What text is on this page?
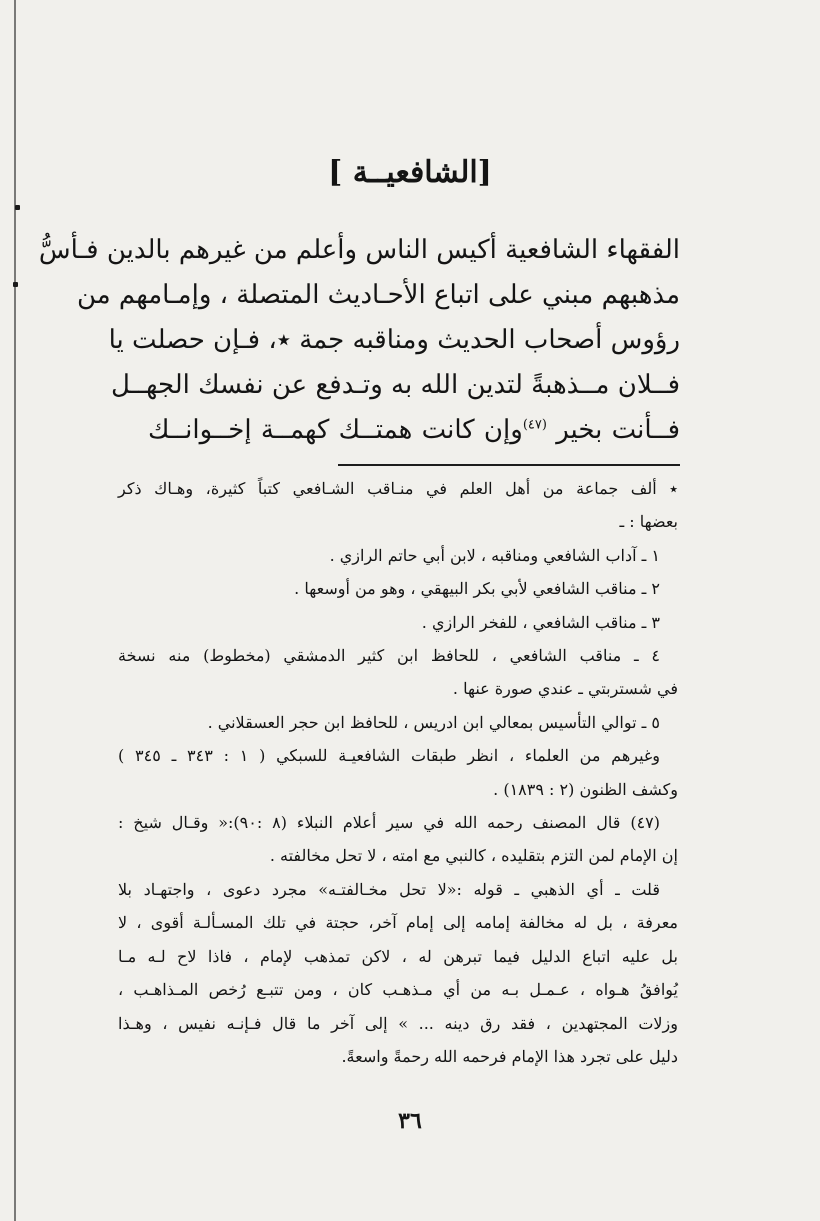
[الشافعيــة ]

الفقهاء الشافعية أكيس الناس وأعلم من غيرهم بالدين فـأسُّ

مذهبهم مبني على اتباع الأحـاديث المتصلة ، وإمـامهم من

رؤوس أصحاب الحديث ومناقبه جمة ٭، فـإن حصلت يا

فــلان مــذهبةً لتدين الله به وتـدفع عن نفسك الجهــل

فــأنت بخير $^{(٤٧)}$وإن كانت همتــك كهمــة إخــوانــك

٭ ألف جماعة من أهل العلم في منـاقب الشـافعي كتباً كثيرة، وهـاك ذكر

بعضها : ـ

١ ـ آداب الشافعي ومناقبه ، لابن أبي حاتم الرازي .

٢ ـ مناقب الشافعي لأبي بكر البيهقي ، وهو من أوسعها .

٣ ـ مناقب الشافعي ، للفخر الرازي .

٤ ـ مناقب الشافعي ، للحافظ ابن كثير الدمشقي (مخطوط) منه نسخة

في شستربتي ـ عندي صورة عنها .

٥ ـ توالي التأسيس بمعالي ابن ادريس ، للحافظ ابن حجر العسقلاني .

وغيرهم من العلماء ، انظر طبقات الشافعيـة للسبكي ( ١ : ٣٤٣ ـ ٣٤٥ )

وكشف الظنون (٢ : ١٨٣٩) .

(٤٧) قال المصنف رحمه الله في سير أعلام النبلاء (٨ :٩٠):« وقـال شيخ :

إن الإمام لمن التزم بتقليده ، كالنبي مع امته ، لا تحل مخالفته .

قلت ـ أي الذهبي ـ قوله :«لا تحل مخـالفتـه» مجرد دعوى ، واجتهـاد بلا

معرفة ، بل له مخالفة إمامه إلى إمام آخر، حجتة في تلك المسـألـة أقوى ، لا

بل عليه اتباع الدليل فيما تبرهن له ، لاكن تمذهب لإمام ، فاذا لاح لـه مـا

يُوافقُ هـواه ، عـمـل بـه من أي مـذهـب كان ، ومن تتبـع رُخص المـذاهـب ،

وزلات المجتهدين ، فقد رق دينه ... » إلى آخر ما قال فـإنـه نفيس ، وهـذا

دليل على تجرد هذا الإمام فرحمه الله رحمةً واسعةً.

٣٦
